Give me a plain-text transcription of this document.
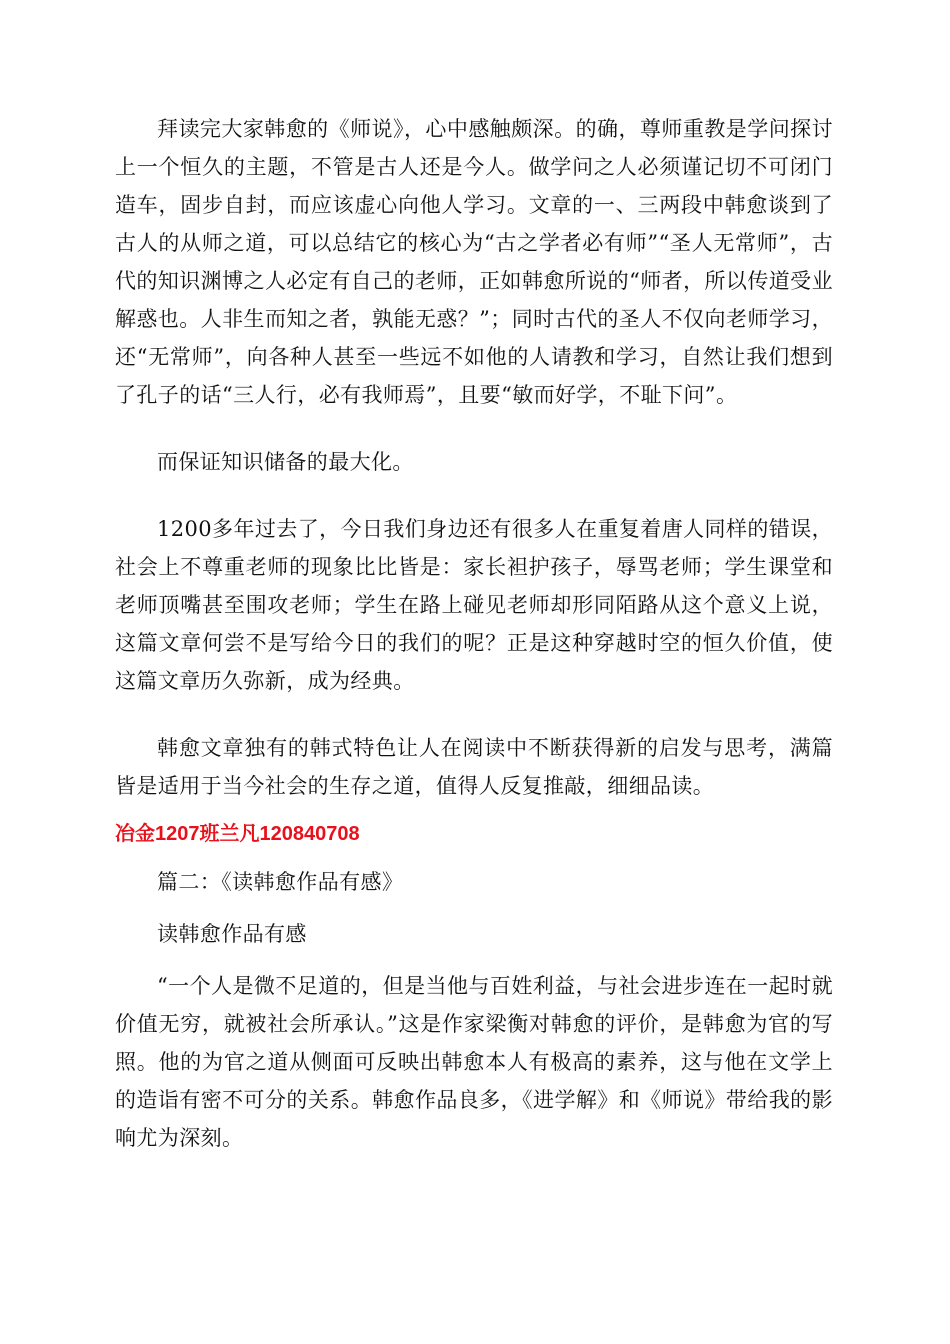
拜读完大家韩愈的《师说》，心中感触颇深。的确，尊师重教是学问探讨上一个恒久的主题，不管是古人还是今人。做学问之人必须谨记切不可闭门造车，固步自封，而应该虚心向他人学习。文章的一、三两段中韩愈谈到了古人的从师之道，可以总结它的核心为“古之学者必有师”“圣人无常师”，古代的知识渊博之人必定有自己的老师，正如韩愈所说的“师者，所以传道受业解惑也。人非生而知之者，孰能无惑？”；同时古代的圣人不仅向老师学习，还“无常师”，向各种人甚至一些远不如他的人请教和学习，自然让我们想到了孔子的话“三人行，必有我师焉”，且要“敏而好学，不耻下问”。

而保证知识储备的最大化。

1200多年过去了，今日我们身边还有很多人在重复着唐人同样的错误，社会上不尊重老师的现象比比皆是：家长袒护孩子，辱骂老师；学生课堂和老师顶嘴甚至围攻老师；学生在路上碰见老师却形同陌路从这个意义上说，这篇文章何尝不是写给今日的我们的呢？正是这种穿越时空的恒久价值，使这篇文章历久弥新，成为经典。

韩愈文章独有的韩式特色让人在阅读中不断获得新的启发与思考，满篇皆是适用于当今社会的生存之道，值得人反复推敲，细细品读。

冶金1207班兰凡120840708

篇二：《读韩愈作品有感》

读韩愈作品有感

“一个人是微不足道的，但是当他与百姓利益，与社会进步连在一起时就价值无穷，就被社会所承认。”这是作家梁衡对韩愈的评价，是韩愈为官的写照。他的为官之道从侧面可反映出韩愈本人有极高的素养，这与他在文学上的造诣有密不可分的关系。韩愈作品良多，《进学解》和《师说》带给我的影响尤为深刻。
